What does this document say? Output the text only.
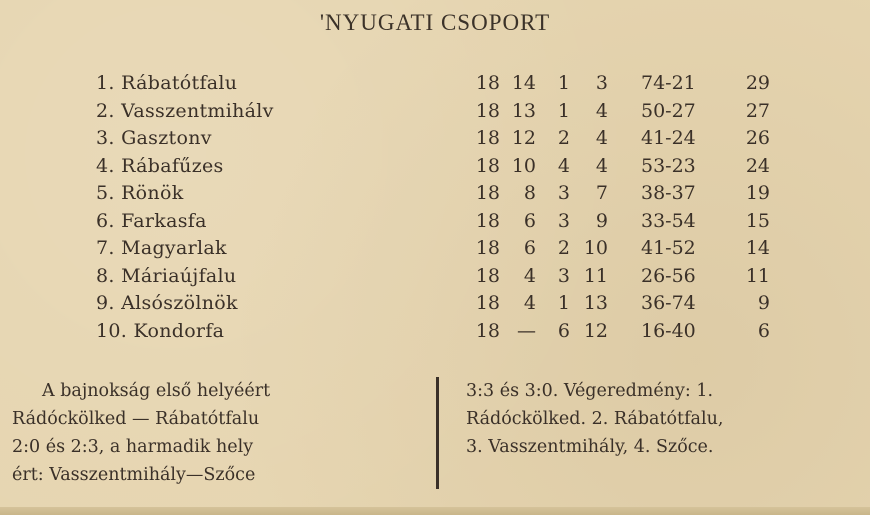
'NYUGATI CSOPORT
1. Rábatótfalu	18 14	1	3 74-21	29
2. Vasszentmihálv	18 13	1	4 50-27	27
3. Gasztonv	18 12	2	4 41-24	26
4. Rábafűzes	18 10	4	4 53-23	24
5. Rönök	18	8	3	7 38-37	19
6. Farkasfa	18	6	3	9 33-54	15
7. Magyarlak	18	6	2 10 41-52	14
8. Máriaújfalu	18	4	3 11 26-56	11
9. Alsószölnök	18	4	1 13 36-74	9
10. Kondorfa	18 —	6 12 16-40	6
A bajnokság első helyéért
Rádóckölked — Rábatótfalu
2:0 és 2:3, a harmadik hely
ért: Vasszentmihály—Szőce
3:3 és 3:0. Végeredmény: 1.
Rádóckölked. 2. Rábatótfalu,
3. Vasszentmihály, 4. Szőce.
